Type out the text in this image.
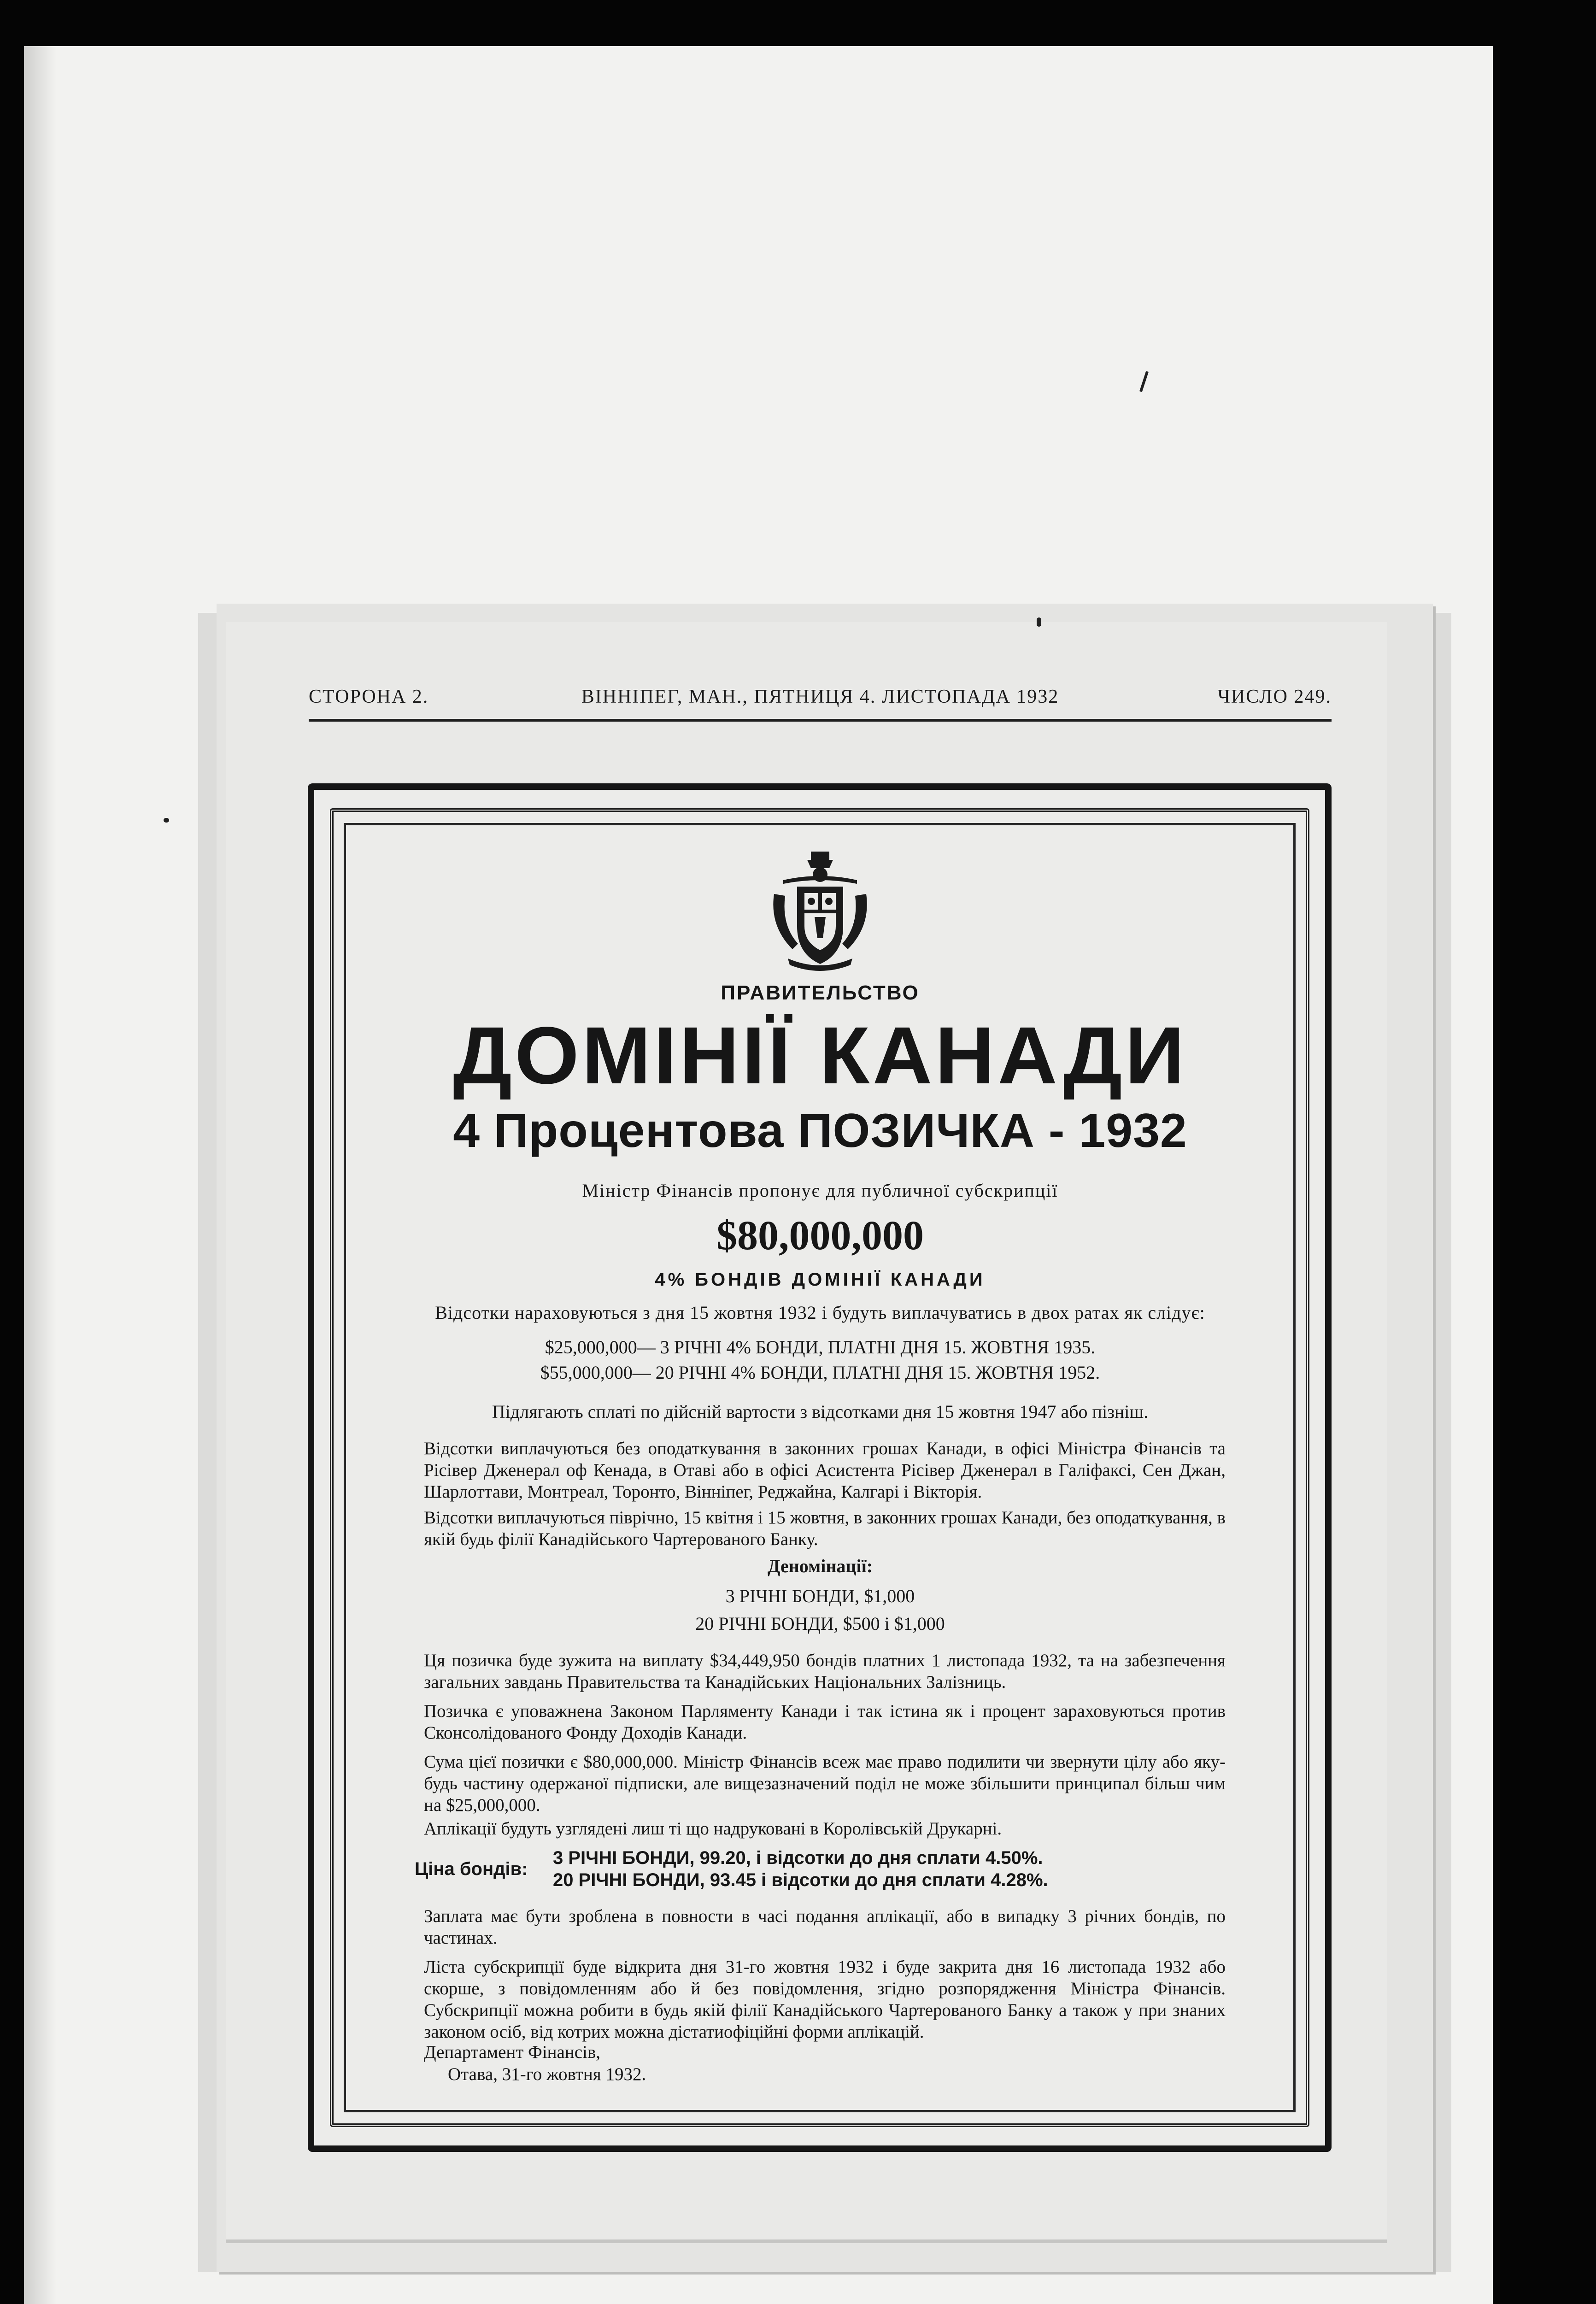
СТОРОНА 2.	ВІННІПЕГ, МАН., ПЯТНИЦЯ 4. ЛИСТОПАДА 1932	ЧИСЛО 249.
ПРАВИТЕЛЬСТВО
ДОМІНІЇ КАНАДИ
4 Процентова ПОЗИЧКА - 1932
Міністр Фінансів пропонує для публичної субскрипції
$80,000,000
4% БОНДІВ ДОМІНІЇ КАНАДИ
Відсотки нараховуються з дня 15 жовтня 1932 і будуть виплачуватись в двох ратах як слідує:
$25,000,000— 3 РІЧНІ 4% БОНДИ, ПЛАТНІ ДНЯ 15. ЖОВТНЯ 1935.
$55,000,000— 20 РІЧНІ 4% БОНДИ, ПЛАТНІ ДНЯ 15. ЖОВТНЯ 1952.
Підлягають сплаті по дійсній вартости з відсотками дня 15 жовтня 1947 або пізніш.
Відсотки виплачуються без оподаткування в законних грошах Канади, в офісі Міністра Фінансів та Рісівер Дженерал оф Кенада, в Отаві або в офісі Асистента Рісівер Дженерал в Галіфаксі, Сен Джан, Шарлоттави, Монтреал, Торонто, Вінніпег, Реджайна, Калгарі і Вікторія.
Відсотки виплачуються піврічно, 15 квітня і 15 жовтня, в законних грошах Канади, без оподаткування, в якій будь філії Канадійського Чартерованого Банку.
Деномінації:
3 РІЧНІ БОНДИ, $1,000
20 РІЧНІ БОНДИ, $500 і $1,000
Ця позичка буде зужита на виплату $34,449,950 бондів платних 1 листопада 1932, та на забезпечення загальних завдань Правительства та Канадійських Національних Залізниць.
Позичка є уповажнена Законом Парляменту Канади і так істина як і процент зараховуються против Сконсолідованого Фонду Доходів Канади.
Сума цієї позички є $80,000,000. Міністр Фінансів всеж має право подилити чи звернути цілу або яку-будь частину одержаної підписки, але вищезазначений поділ не може збільшити принципал більш чим на $25,000,000.
Аплікації будуть узглядені лиш ті що надруковані в Королівській Друкарні.
Ціна бондів:
3 РІЧНІ БОНДИ, 99.20, і відсотки до дня сплати 4.50%.
20 РІЧНІ БОНДИ, 93.45 і відсотки до дня сплати 4.28%.
Заплата має бути зроблена в повности в часі подання аплікації, або в випадку 3 річних бондів, по частинах.
Ліста субскрипції буде відкрита дня 31-го жовтня 1932 і буде закрита дня 16 листопада 1932 або скорше, з повідомленням або й без повідомлення, згідно розпорядження Міністра Фінансів. Субскрипції можна робити в будь якій філії Канадійського Чартерованого Банку а також у при знаних законом осіб, від котрих можна дістатиофіційні форми аплікацій.
Департамент Фінансів,
Отава, 31-го жовтня 1932.
